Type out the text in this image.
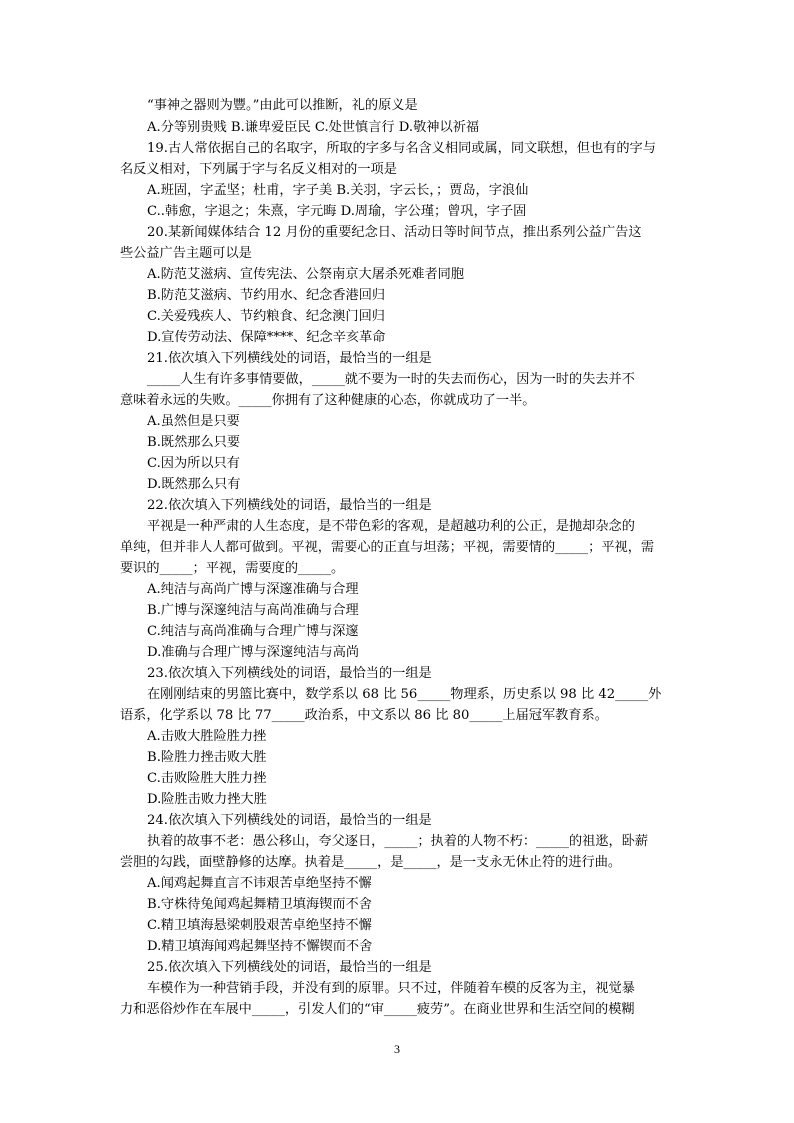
“事神之器则为豐。”由此可以推断，礼的原义是
A.分等别贵贱 B.谦卑爱臣民 C.处世慎言行 D.敬神以祈福
19.古人常依据自己的名取字，所取的字多与名含义相同或属，同文联想，但也有的字与
名反义相对，下列属于字与名反义相对的一项是
A.班固，字孟坚；杜甫，字子美 B.关羽，字云长，；贾岛，字浪仙
C..韩愈，字退之；朱熹，字元晦 D.周瑜，字公瑾；曾巩，字子固
20.某新闻媒体结合 12 月份的重要纪念日、活动日等时间节点，推出系列公益广告这
些公益广告主题可以是
A.防范艾滋病、宣传宪法、公祭南京大屠杀死难者同胞
B.防范艾滋病、节约用水、纪念香港回归
C.关爱残疾人、节约粮食、纪念澳门回归
D.宣传劳动法、保障****、纪念辛亥革命
21.依次填入下列横线处的词语，最恰当的一组是
_____人生有许多事情要做，_____就不要为一时的失去而伤心，因为一时的失去并不
意味着永远的失败。_____你拥有了这种健康的心态，你就成功了一半。
A.虽然但是只要
B.既然那么只要
C.因为所以只有
D.既然那么只有
22.依次填入下列横线处的词语，最恰当的一组是
平视是一种严肃的人生态度，是不带色彩的客观，是超越功利的公正，是抛却杂念的
单纯，但并非人人都可做到。平视，需要心的正直与坦荡；平视，需要情的_____；平视，需
要识的_____；平视，需要度的_____。
A.纯洁与高尚广博与深邃准确与合理
B.广博与深邃纯洁与高尚准确与合理
C.纯洁与高尚准确与合理广博与深邃
D.准确与合理广博与深邃纯洁与高尚
23.依次填入下列横线处的词语，最恰当的一组是
在刚刚结束的男篮比赛中，数学系以 68 比 56_____物理系，历史系以 98 比 42_____外
语系，化学系以 78 比 77_____政治系，中文系以 86 比 80_____上届冠军教育系。
A.击败大胜险胜力挫
B.险胜力挫击败大胜
C.击败险胜大胜力挫
D.险胜击败力挫大胜
24.依次填入下列横线处的词语，最恰当的一组是
执着的故事不老：愚公移山，夸父逐日，_____；执着的人物不朽：_____的祖逖，卧薪
尝胆的勾践，面壁静修的达摩。执着是_____，是_____，是一支永无休止符的进行曲。
A.闻鸡起舞直言不讳艰苦卓绝坚持不懈
B.守株待兔闻鸡起舞精卫填海锲而不舍
C.精卫填海悬梁刺股艰苦卓绝坚持不懈
D.精卫填海闻鸡起舞坚持不懈锲而不舍
25.依次填入下列横线处的词语，最恰当的一组是
车模作为一种营销手段，并没有到的原罪。只不过，伴随着车模的反客为主，视觉暴
力和恶俗炒作在车展中_____，引发人们的“审_____疲劳”。在商业世界和生活空间的模糊
3
